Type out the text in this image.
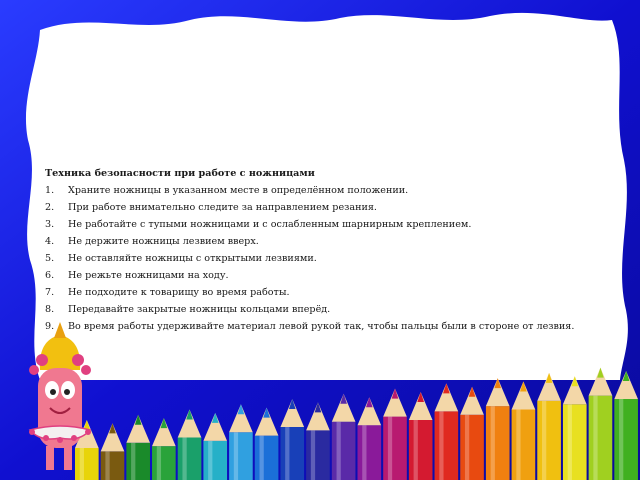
Техника безопасности при работе с ножницами
1. Храните ножницы в указанном месте в определённом положении.
2. При работе внимательно следите за направлением резания.
3. Не работайте с тупыми ножницами и с ослабленным шарнирным креплением.
4. Не держите ножницы лезвием вверх.
5. Не оставляйте ножницы с открытыми лезвиями.
6. Не режьте ножницами на ходу.
7. Не подходите к товарищу во время работы.
8. Передавайте закрытые ножницы кольцами вперёд.
9. Во время работы удерживайте материал левой рукой так, чтобы пальцы были в стороне от лезвия.
